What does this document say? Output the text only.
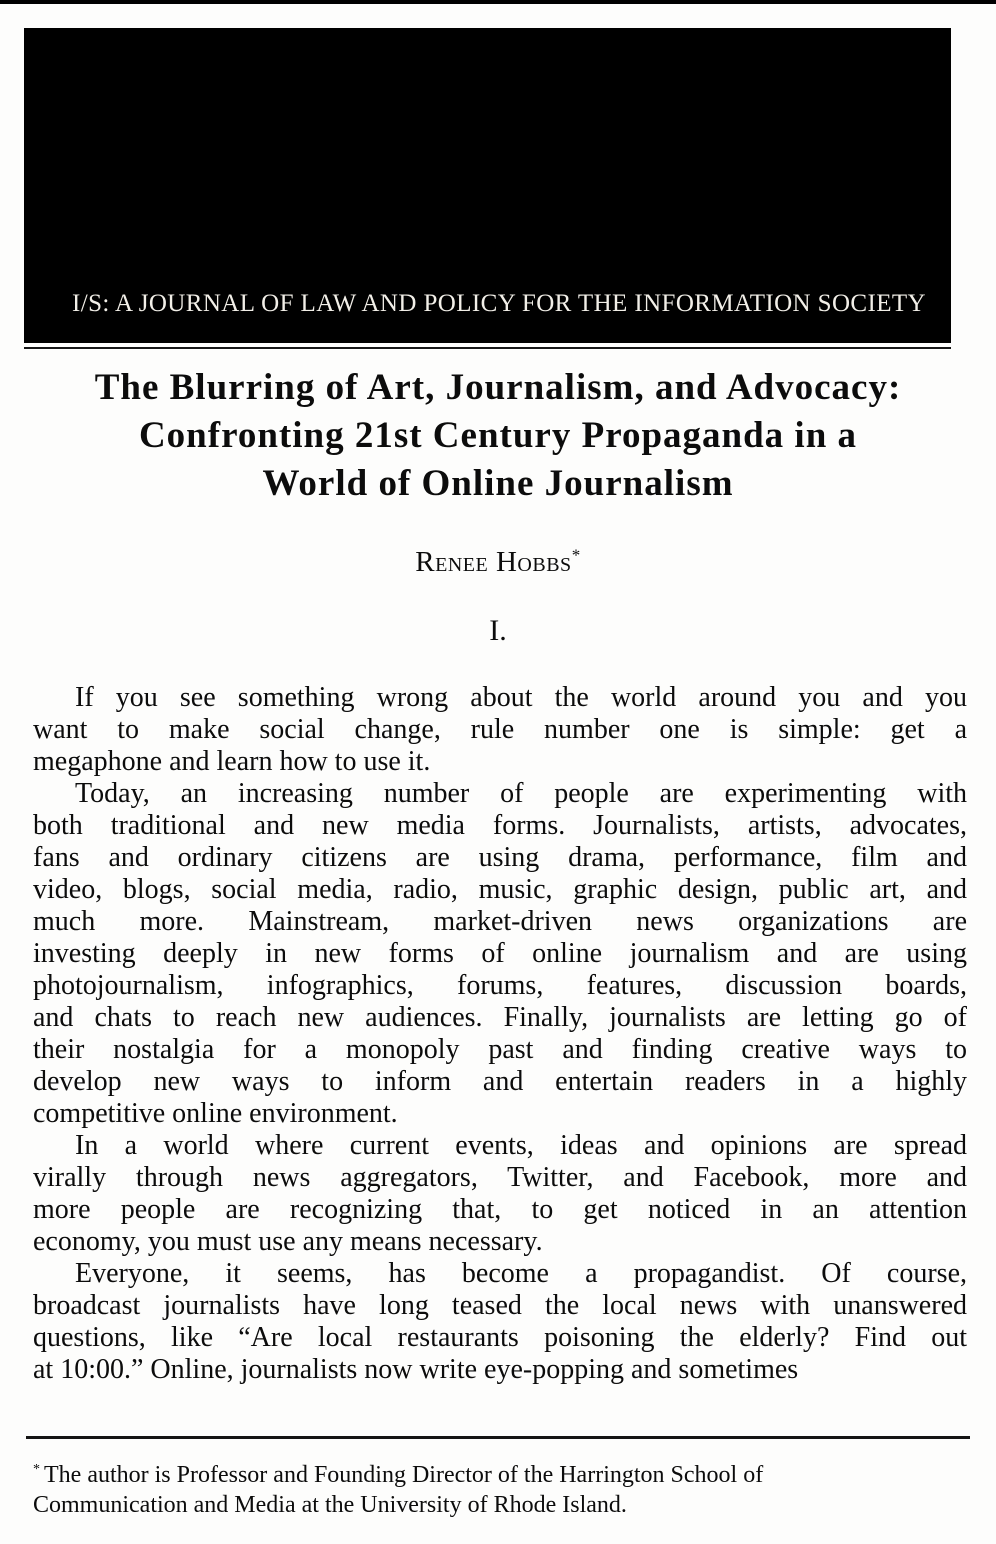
I/S: A JOURNAL OF LAW AND POLICY FOR THE INFORMATION SOCIETY
The Blurring of Art, Journalism, and Advocacy:
Confronting 21st Century Propaganda in a
World of Online Journalism
Renee Hobbs*
I.
If you see something wrong about the world around you and you
want to make social change, rule number one is simple: get a
megaphone and learn how to use it.
Today, an increasing number of people are experimenting with
both traditional and new media forms. Journalists, artists, advocates,
fans and ordinary citizens are using drama, performance, film and
video, blogs, social media, radio, music, graphic design, public art, and
much more. Mainstream, market-driven news organizations are
investing deeply in new forms of online journalism and are using
photojournalism, infographics, forums, features, discussion boards,
and chats to reach new audiences. Finally, journalists are letting go of
their nostalgia for a monopoly past and finding creative ways to
develop new ways to inform and entertain readers in a highly
competitive online environment.
In a world where current events, ideas and opinions are spread
virally through news aggregators, Twitter, and Facebook, more and
more people are recognizing that, to get noticed in an attention
economy, you must use any means necessary.
Everyone, it seems, has become a propagandist. Of course,
broadcast journalists have long teased the local news with unanswered
questions, like “Are local restaurants poisoning the elderly? Find out
at 10:00.” Online, journalists now write eye-popping and sometimes
* The author is Professor and Founding Director of the Harrington School of
Communication and Media at the University of Rhode Island.
